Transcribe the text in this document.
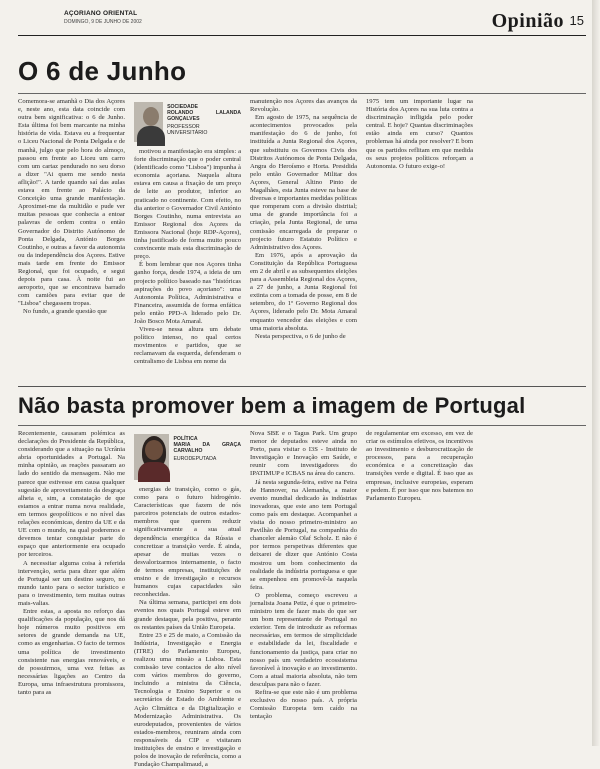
AÇORIANO ORIENTAL
DOMINGO, 9 DE JUNHO DE 2002	Opinião 15
O 6 de Junho

Comemora-se amanhã o Dia dos Açores e, neste ano, esta data coincide com outra bem significativa: o 6 de Junho. Esta última foi bem marcante na minha história de vida. Estava eu a frequentar o Liceu Nacional de Ponta Delgada e de manhã, julgo que pelo hora do almoço, passou em frente ao Liceu um carro com um cartaz pendurado no seu dorso a dizer "Ai quem me sendo nesta aflição!". A tarde quando saí das aulas estava em frente ao Palácio da Conceição uma grande manifestação. Aproximei-me da multidão e pude ver muitas pessoas que conhecia a entoar palavras de ordem contra o então Governador do Distrito Autónomo de Ponta Delgada, António Borges Coutinho, e outras a favor da autonomia ou da independência dos Açores. Estive mais tarde em frente do Emissor Regional, que foi ocupado, e segui depois para casa. À noite fui ao aeroporto, que se encontrava barrado com camiões para evitar que de "Lisboa" chegassem tropas.

No fundo, a grande questão que

SOCIEDADE
ROLANDO LALANDA GONÇALVES
PROFESSOR UNIVERSITÁRIO

motivou a manifestação era simples: a forte discriminação que o poder central (identificado como "Lisboa") impunha à economia açoriana. Naquela altura estava em causa a fixação de um preço de leite ao produtor, inferior ao praticado no continente. Com efeito, no dia anterior o Governador Civil António Borges Coutinho, numa entrevista ao Emissor Regional dos Açores da Emissora Nacional (hoje RDP-Açores), tinha justificado de forma muito pouco convincente mais esta discriminação de preço.

É bom lembrar que nos Açores tinha ganho força, desde 1974, a ideia de um projecto político baseado nas "históricas aspirações do povo açoriano": uma Autonomia Política, Administrativa e Financeira, assumida de forma enfática pelo então PPD-A liderado pelo Dr. João Bosco Mota Amaral.

Viveu-se nessa altura um debate político intenso, no qual certos movimentos e partidos, que se reclamavam da esquerda, defenderam o centralismo de Lisboa em nome da

manutenção nos Açores das avanços da Revolução.

Em agosto de 1975, na sequência de acontecimentos provocados pela manifestação do 6 de junho, foi instituída a Junta Regional dos Açores, que substituiu os Governos Civis dos Distritos Autónomos de Ponta Delgada, Angra do Heroísmo e Horta. Presidida pelo então Governador Militar dos Açores, General Altino Pinto de Magalhães, esta Junta esteve na base de diversas e importantes medidas políticas que romperam com a divisão distrital; uma de grande importância foi a criação, pela Junta Regional, de uma comissão encarregada de preparar o projecto futuro Estatuto Político e Administrativo dos Açores.

Em 1976, após a aprovação da Constituição da República Portuguesa em 2 de abril e as subsequentes eleições para a Assembleia Regional dos Açores, a 27 de junho, a Junta Regional foi extinta com a tomada de posse, em 8 de setembro, do 1º Governo Regional dos Açores, liderado pelo Dr. Mota Amaral enquanto vencedor das eleições e com uma maioria absoluta.

Nesta perspectiva, o 6 de junho de

1975 tem um importante lugar na História dos Açores na sua luta contra a discriminação infligida pelo poder central. E hoje? Quantas discriminações estão ainda em curso? Quantos problemas há ainda por resolver? E bom que os partidos reflitam em que medida os seus projetos políticos reforçam a Autonomia. O futuro exige-o!

Não basta promover bem a imagem de Portugal

Recentemente, causaram polémica as declarações do Presidente da República, considerando que a situação na Ucrânia abria oportunidades a Portugal. Na minha opinião, as reações passaram ao lado do sentido da mensagem. Não me parece que estivesse em causa qualquer sugestão de aproveitamento da desgraça alheia e, sim, a constatação de que estamos a entrar numa nova realidade, em termos geopolíticos e no nível das relações económicas, dentro da UE e da UE com o mundo, na qual poderemos e devemos tentar conquistar parte do espaço que anteriormente era ocupado por terceiros.

A necessitar alguma coisa à referida intervenção, seria para dizer que além de Portugal ser um destino seguro, no mundo tanto para o sector turístico e para o investimento, tem muitas outras mais-valias.

Entre estas, a aposta no reforço das qualificações da população, que nos dá hoje números muito positivos em setores de grande demanda na UE, como as engenharias. O facto de termos uma política de investimento consistente nas energias renováveis, e de possuirmos, uma vez feitas as necessárias ligações ao Centro da Europa, uma infraestrutura promissora, tanto para as

POLÍTICA
MARIA DA GRAÇA CARVALHO
EURODEPUTADA

energias de transição, como o gás, como para o futuro hidrogénio. Características que fazem de nós parceiros potenciais de outros estados-membros que querem reduzir significativamente a sua atual dependência energética da Rússia e concretizar a transição verde. É ainda, apesar de muitas vezes o desvalorizarmos internamente, o facto de termos empresas, instituições de ensino e de investigação e recursos humanos cujas capacidades são reconhecidas.

Na última semana, participei em dois eventos nos quais Portugal esteve em grande destaque, pela positiva, perante os restantes países da União Europeia.

Entre 23 e 25 de maio, a Comissão da Indústria, Investigação e Energia (ITRE) do Parlamento Europeu, realizou uma missão a Lisboa. Esta comissão teve contactos de alto nível com vários membros do governo, incluindo a ministra da Ciência, Tecnologia e Ensino Superior e os secretários de Estado do Ambiente e Ação Climática e da Digitalização e Modernização Administrativa. Os eurodeputados, provenientes de vários estados-membros, reuniram ainda com responsáveis da CIP e visitaram instituições de ensino e investigação e polos de inovação de referência, como a Fundação Champalimaud, a

Nova SBE e o Tagus Park. Um grupo menor de deputados esteve ainda no Porto, para visitar o I3S - Instituto de Investigação e Inovação em Saúde, e reunir com investigadores do IPATIMUP e ICBAS na área do cancro.

Já nesta segunda-feira, estive na Feira de Hannover, na Alemanha, a maior evento mundial dedicado às indústrias inovadoras, que este ano tem Portugal como país em destaque. Acompanhei a visita do nosso primeiro-ministro ao Pavilhão de Portugal, na companhia do chanceler alemão Olaf Scholz. E não é por termos perspetivas diferentes que deixarei de dizer que António Costa mostrou um bom conhecimento da realidade da indústria portuguesa e que se empenhou em promovê-la naquela feira.

O problema, começo escreveu a jornalista Joana Petiz, é que o primeiro-ministro tem de fazer mais do que ser um bom representante de Portugal no exterior. Tem de introduzir as reformas necessárias, em termos de simplicidade e estabilidade da lei, fiscalidade e funcionamento da justiça, para criar no nosso país um verdadeiro ecossistema favorável à inovação e ao investimento. Com a atual maioria absoluta, não tem desculpas para não o fazer.

Refira-se que este não é um problema exclusivo do nosso país. A própria Comissão Europeia tem caído na tentação

de regulamentar em excesso, em vez de criar os estímulos efetivos, os incentivos ao investimento e desburocratização de processos, para a recuperação económica e a concretização das transições verde e digital. É isso que as empresas, inclusive europeias, esperam e pedem. É por isso que nos batemos no Parlamento Europeu.
